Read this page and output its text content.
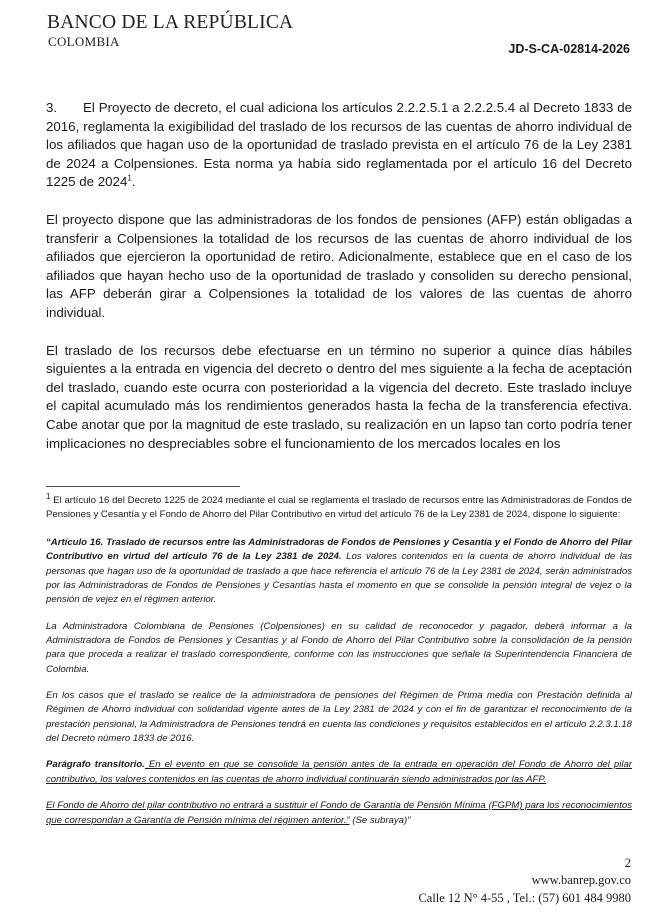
BANCO DE LA REPÚBLICA
COLOMBIA	JD-S-CA-02814-2026

3. El Proyecto de decreto, el cual adiciona los artículos 2.2.2.5.1 a 2.2.2.5.4 al Decreto 1833 de 2016, reglamenta la exigibilidad del traslado de los recursos de las cuentas de ahorro individual de los afiliados que hagan uso de la oportunidad de traslado prevista en el artículo 76 de la Ley 2381 de 2024 a Colpensiones. Esta norma ya había sido reglamentada por el artículo 16 del Decreto 1225 de 2024$^1$.

El proyecto dispone que las administradoras de los fondos de pensiones (AFP) están obligadas a transferir a Colpensiones la totalidad de los recursos de las cuentas de ahorro individual de los afiliados que ejercieron la oportunidad de retiro. Adicionalmente, establece que en el caso de los afiliados que hayan hecho uso de la oportunidad de traslado y consoliden su derecho pensional, las AFP deberán girar a Colpensiones la totalidad de los valores de las cuentas de ahorro individual.

El traslado de los recursos debe efectuarse en un término no superior a quince días hábiles siguientes a la entrada en vigencia del decreto o dentro del mes siguiente a la fecha de aceptación del traslado, cuando este ocurra con posterioridad a la vigencia del decreto. Este traslado incluye el capital acumulado más los rendimientos generados hasta la fecha de la transferencia efectiva. Cabe anotar que por la magnitud de este traslado, su realización en un lapso tan corto podría tener implicaciones no despreciables sobre el funcionamiento de los mercados locales en los

$^1$ El artículo 16 del Decreto 1225 de 2024 mediante el cual se reglamenta el traslado de recursos entre las Administradoras de Fondos de Pensiones y Cesantía y el Fondo de Ahorro del Pilar Contributivo en virtud del artículo 76 de la Ley 2381 de 2024, dispone lo siguiente:

“Artículo 16. Traslado de recursos entre las Administradoras de Fondos de Pensiones y Cesantía y el Fondo de Ahorro del Pilar Contributivo en virtud del artículo 76 de la Ley 2381 de 2024. Los valores contenidos en la cuenta de ahorro individual de las personas que hagan uso de la oportunidad de traslado a que hace referencia el artículo 76 de la Ley 2381 de 2024, serán administrados por las Administradoras de Fondos de Pensiones y Cesantías hasta el momento en que se consolide la pensión integral de vejez o la pensión de vejez en el régimen anterior.

La Administradora Colombiana de Pensiones (Colpensiones) en su calidad de reconocedor y pagador, deberá informar a la Administradora de Fondos de Pensiones y Cesantías y al Fondo de Ahorro del Pilar Contributivo sobre la consolidación de la pensión para que proceda a realizar el traslado correspondiente, conforme con las instrucciones que señale la Superintendencia Financiera de Colombia.

En los casos que el traslado se realice de la administradora de pensiones del Régimen de Prima media con Prestación definida al Régimen de Ahorro individual con solidaridad vigente antes de la Ley 2381 de 2024 y con el fin de garantizar el reconocimiento de la prestación pensional, la Administradora de Pensiones tendrá en cuenta las condiciones y requisitos establecidos en el artículo 2.2.3.1.18 del Decreto número 1833 de 2016.

Parágrafo transitorio. En el evento en que se consolide la pensión antes de la entrada en operación del Fondo de Ahorro del pilar contributivo, los valores contenidos en las cuentas de ahorro individual continuarán siendo administrados por las AFP.

El Fondo de Ahorro del pilar contributivo no entrará a sustituir el Fondo de Garantía de Pensión Mínima (FGPM) para los reconocimientos que correspondan a Garantía de Pensión mínima del régimen anterior.” (Se subraya)”

2
www.banrep.gov.co
Calle 12 N° 4-55 , Tel.: (57) 601 484 9980
